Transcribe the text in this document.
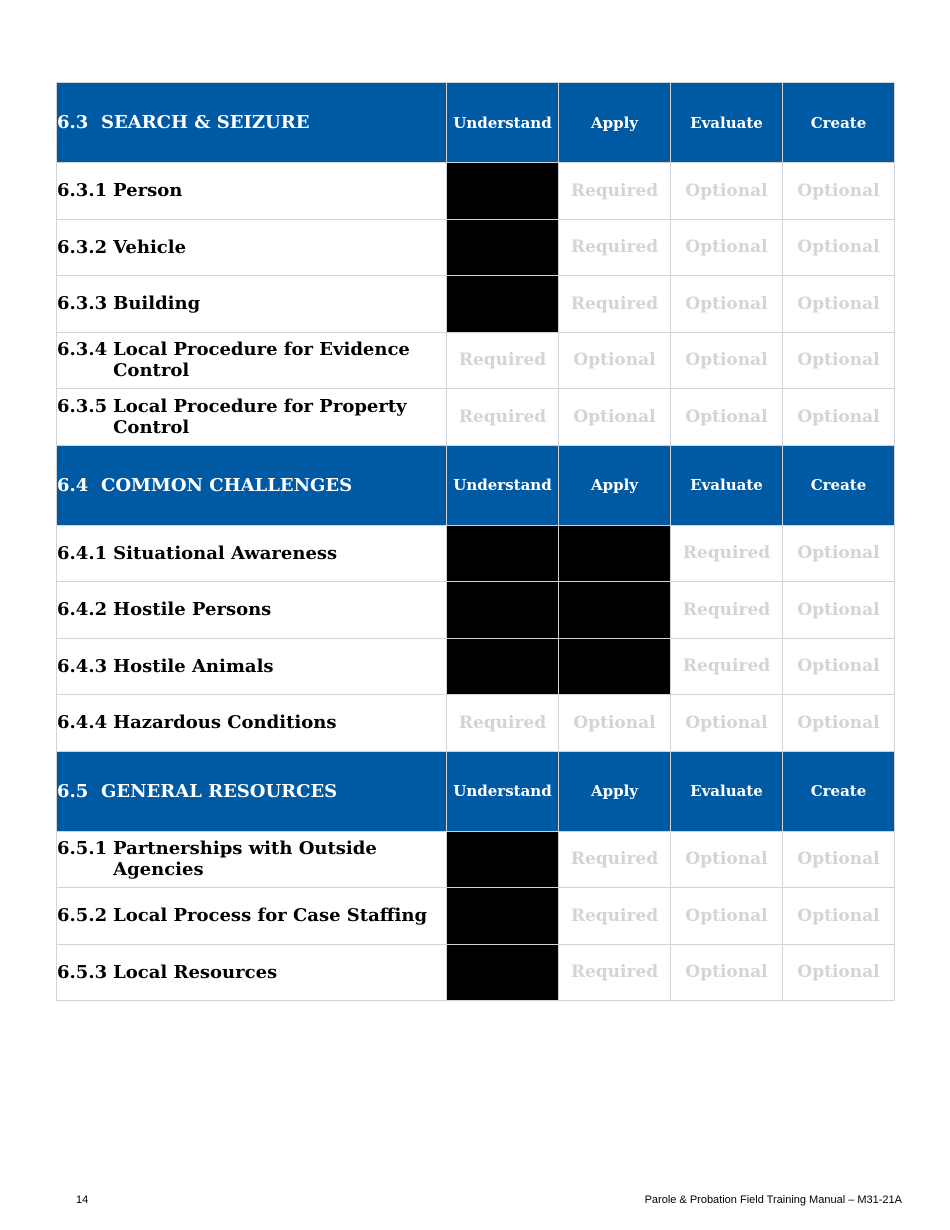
6.3 SEARCH & SEIZURE	Understand	Apply	Evaluate	Create

6.3.1 Person		Required	Optional	Optional

6.3.2 Vehicle		Required	Optional	Optional

6.3.3 Building		Required	Optional	Optional

6.3.4 Local Procedure for Evidence Control	Required	Optional	Optional	Optional

6.3.5 Local Procedure for Property Control	Required	Optional	Optional	Optional
6.4 COMMON CHALLENGES	Understand	Apply	Evaluate	Create

6.4.1 Situational Awareness			Required	Optional

6.4.2 Hostile Persons			Required	Optional

6.4.3 Hostile Animals			Required	Optional

6.4.4 Hazardous Conditions	Required	Optional	Optional	Optional
6.5 GENERAL RESOURCES	Understand	Apply	Evaluate	Create

6.5.1 Partnerships with Outside Agencies		Required	Optional	Optional

6.5.2 Local Process for Case Staffing		Required	Optional	Optional

6.5.3 Local Resources		Required	Optional	Optional
14	Parole & Probation Field Training Manual – M31-21A
